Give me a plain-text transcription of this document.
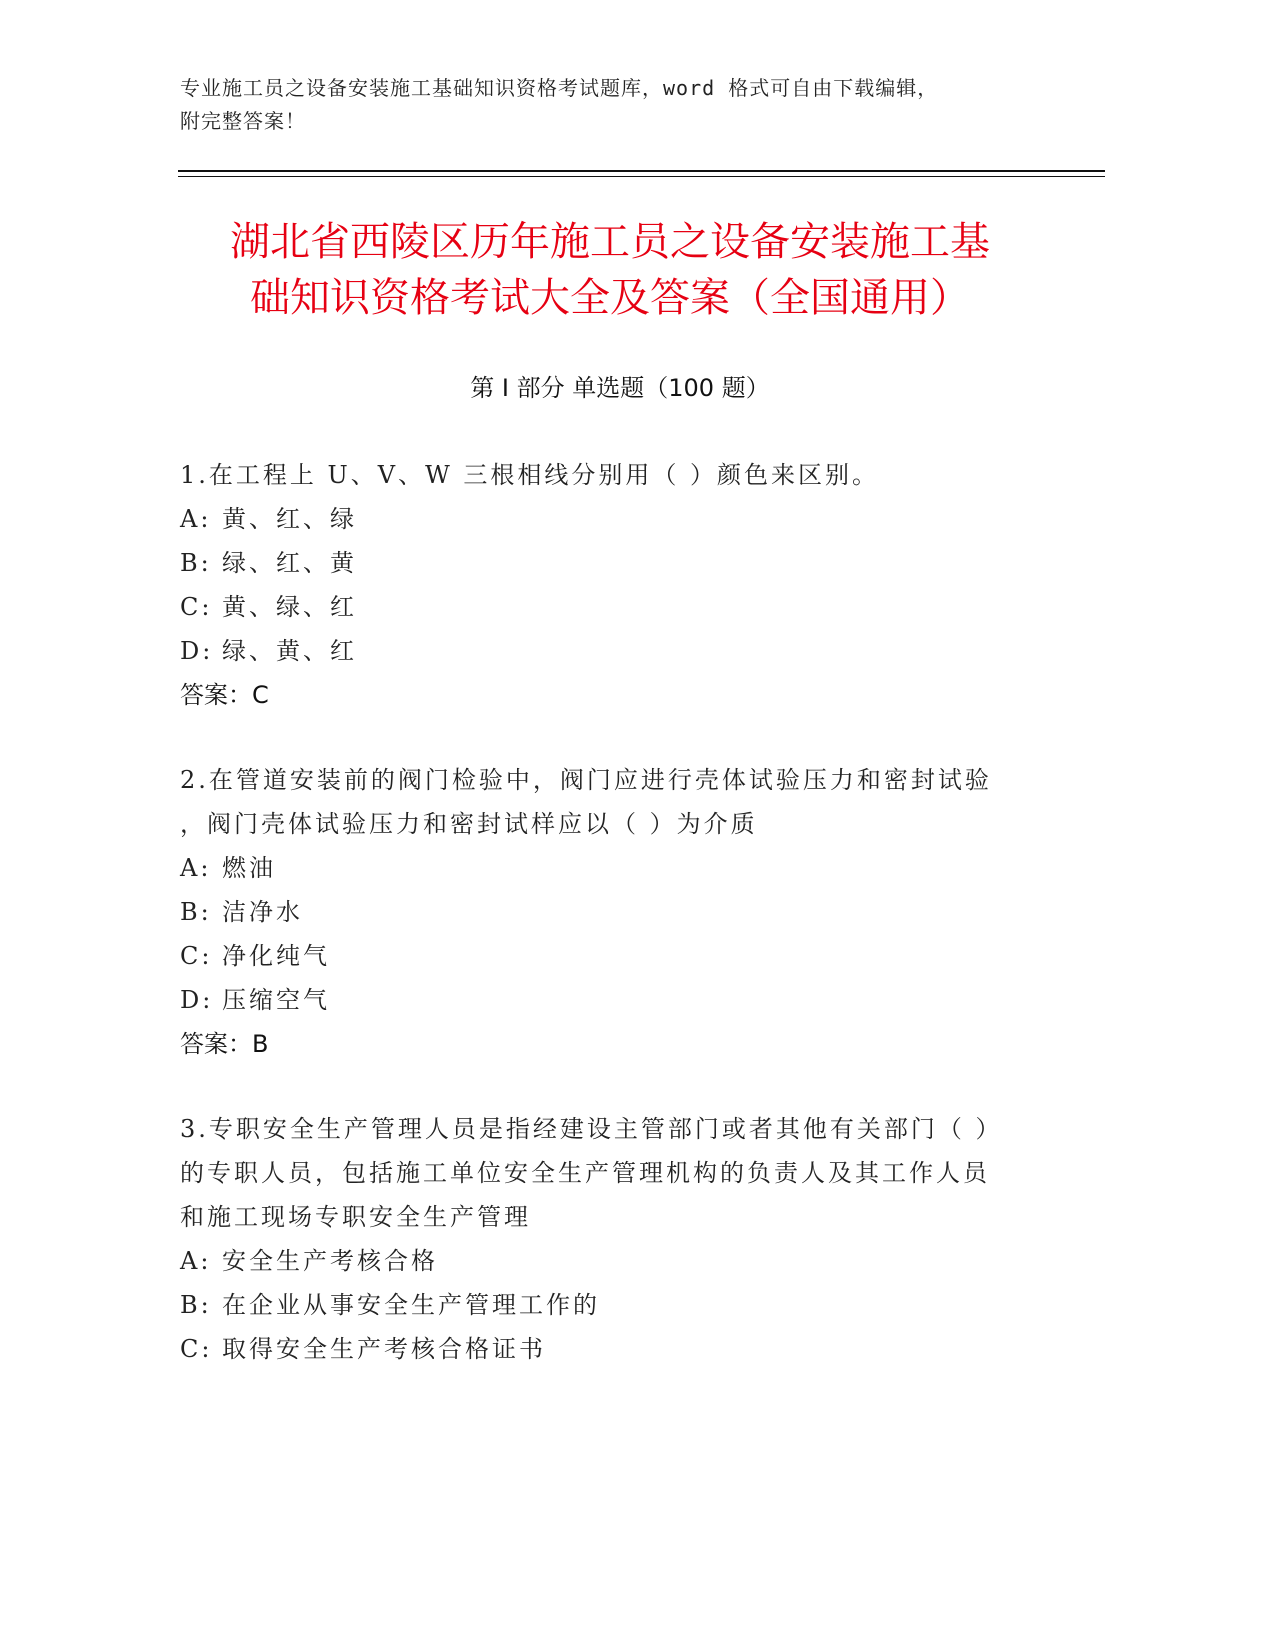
专业施工员之设备安装施工基础知识资格考试题库，word 格式可自由下载编辑，
附完整答案！
湖北省西陵区历年施工员之设备安装施工基
础知识资格考试大全及答案（全国通用）
第 I 部分 单选题（100 题）
1.在工程上 U、V、W 三根相线分别用（ ）颜色来区别。
A: 黄、红、绿
B: 绿、红、黄
C: 黄、绿、红
D: 绿、黄、红
答案：C
2.在管道安装前的阀门检验中，阀门应进行壳体试验压力和密封试验
，阀门壳体试验压力和密封试样应以（ ）为介质
A: 燃油
B: 洁净水
C: 净化纯气
D: 压缩空气
答案：B
3.专职安全生产管理人员是指经建设主管部门或者其他有关部门（ ）
的专职人员，包括施工单位安全生产管理机构的负责人及其工作人员
和施工现场专职安全生产管理
A: 安全生产考核合格
B: 在企业从事安全生产管理工作的
C: 取得安全生产考核合格证书
